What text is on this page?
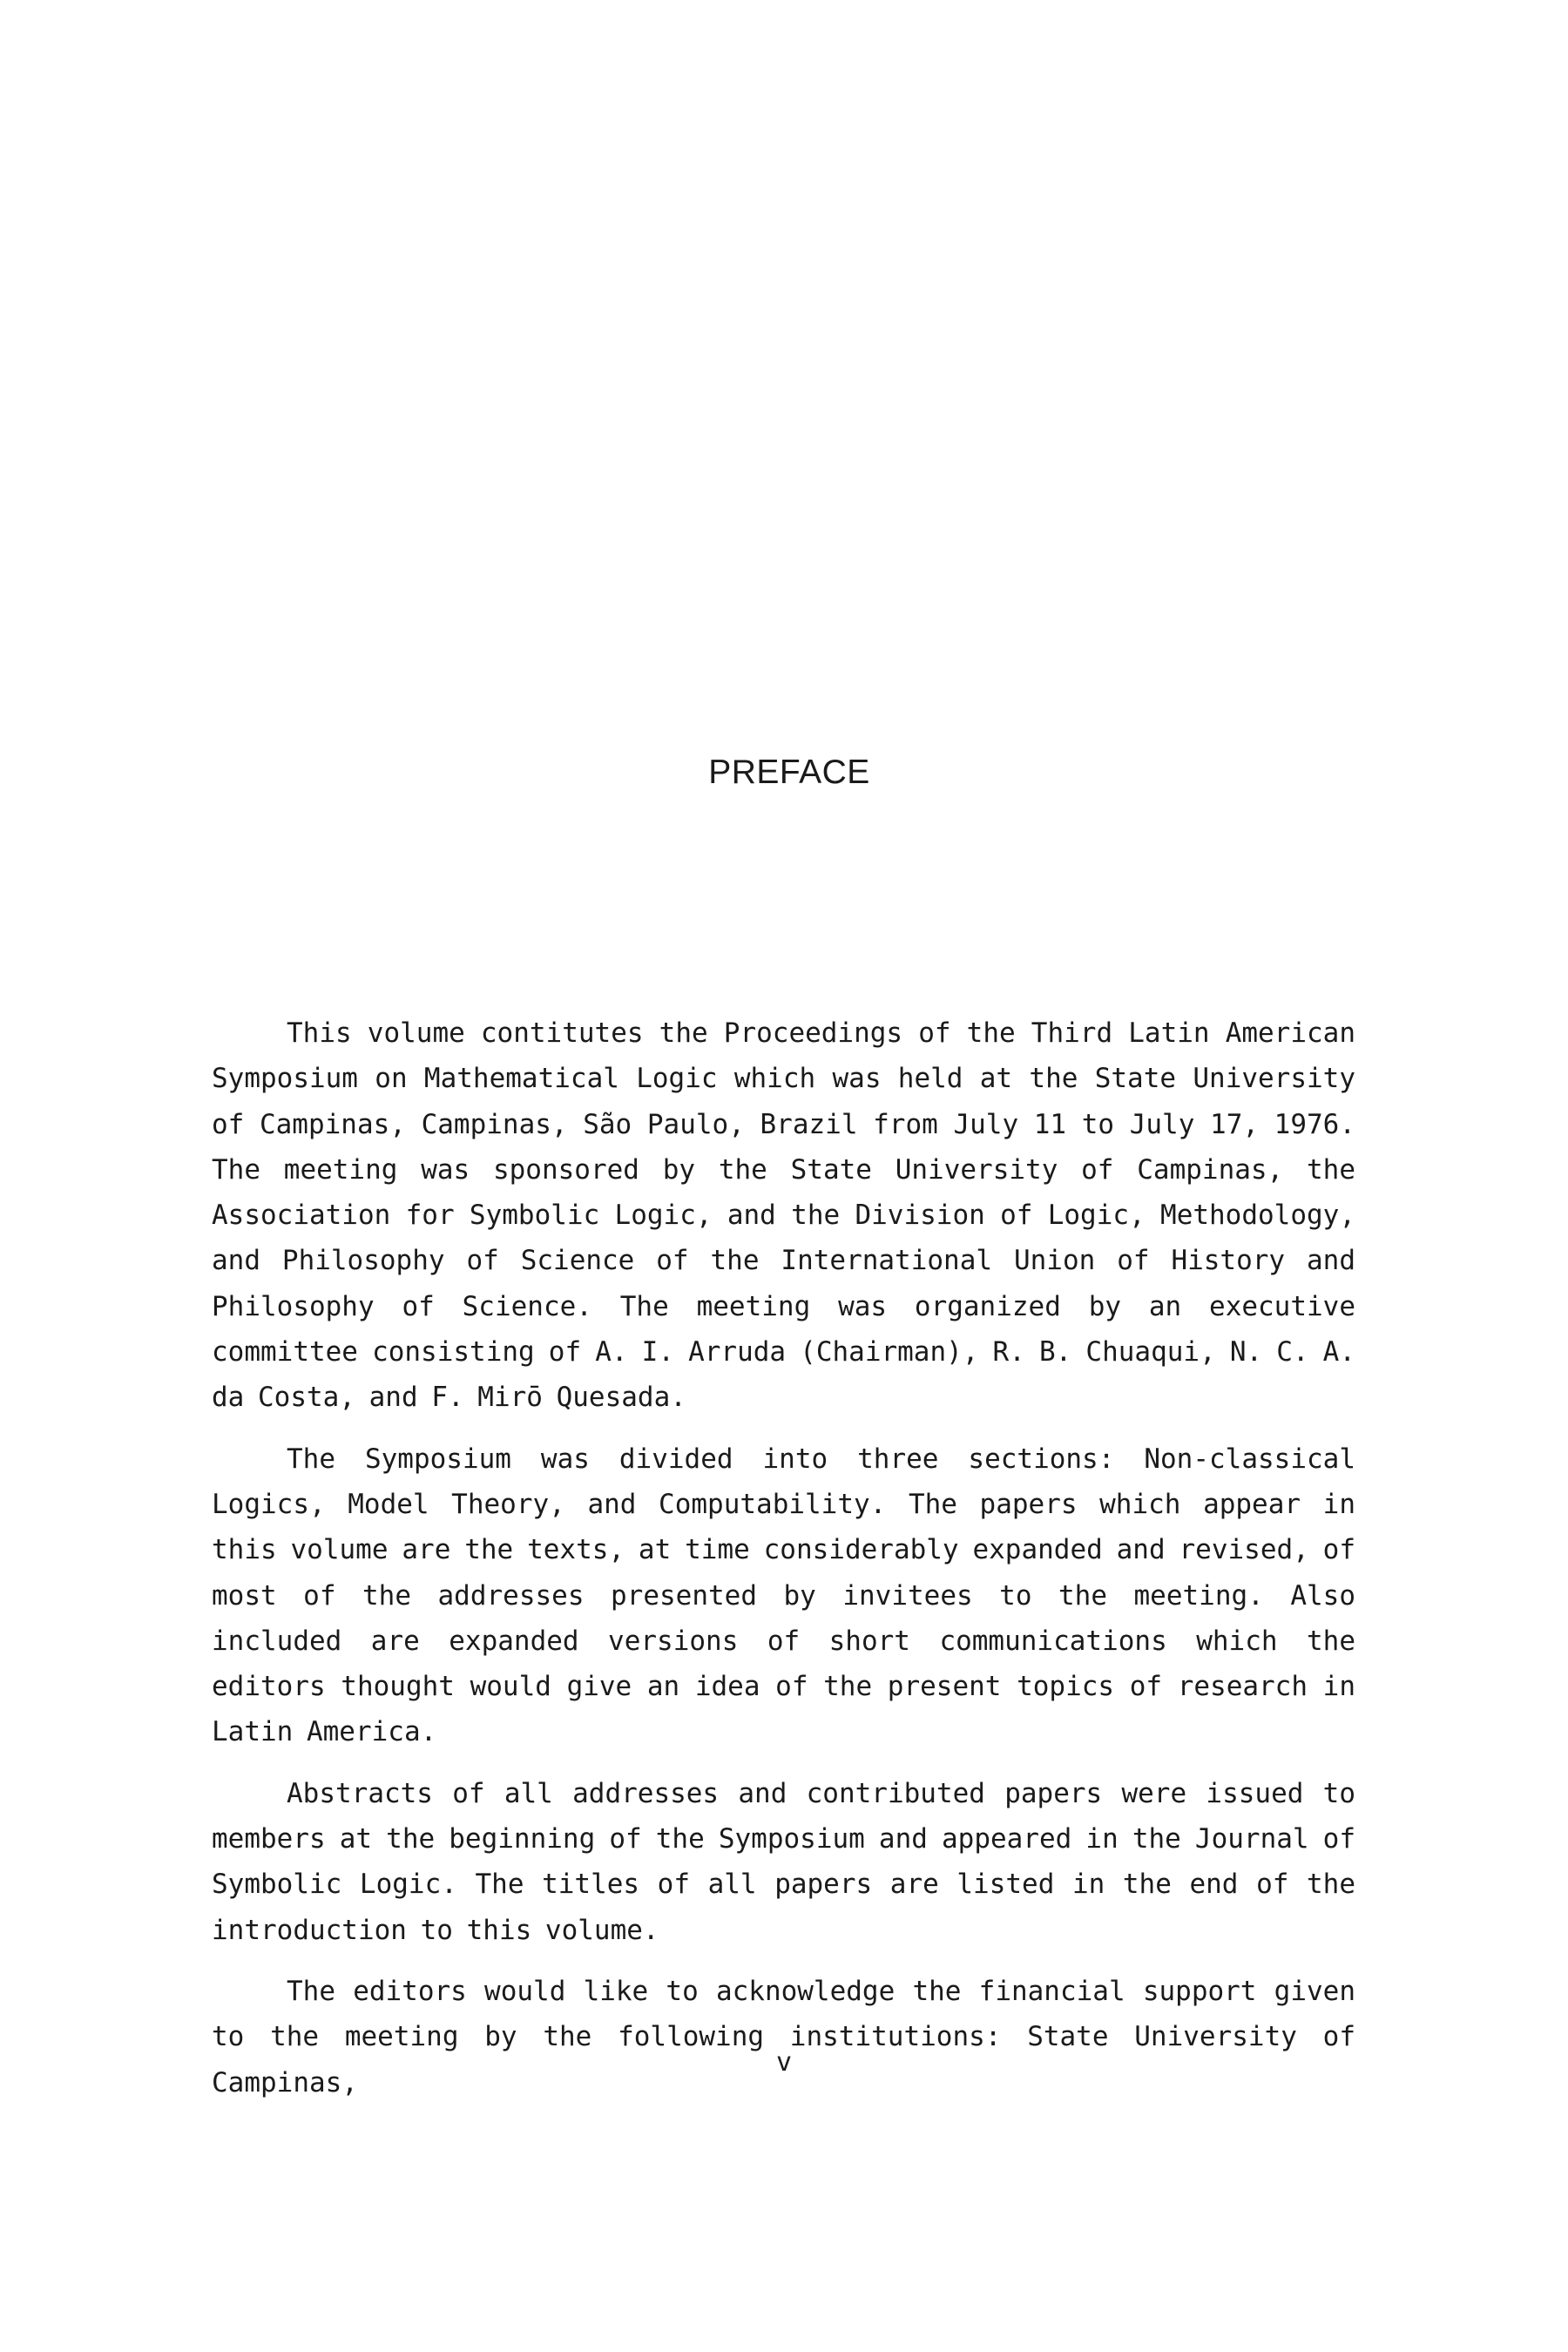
PREFACE

This volume contitutes the Proceedings of the Third Latin American Symposium on Mathematical Logic which was held at the State University of Campinas, Campinas, São Paulo, Brazil from July 11 to July 17, 1976. The meeting was sponsored by the State University of Campinas, the Association for Symbolic Logic, and the Division of Logic, Methodology, and Philosophy of Science of the International Union of History and Philosophy of Science. The meeting was organized by an executive committee consisting of A. I. Arruda (Chairman), R. B. Chuaqui, N. C. A. da Costa, and F. Mirō Quesada.

The Symposium was divided into three sections: Non-classical Logics, Model Theory, and Computability. The papers which appear in this volume are the texts, at time considerably expanded and revised, of most of the addresses presented by invitees to the meeting. Also included are expanded versions of short communications which the editors thought would give an idea of the present topics of research in Latin America.

Abstracts of all addresses and contributed papers were issued to members at the beginning of the Symposium and appeared in the Journal of Symbolic Logic. The titles of all papers are listed in the end of the introduction to this volume.

The editors would like to acknowledge the financial support given to the meeting by the following institutions: State University of Campinas,

v
